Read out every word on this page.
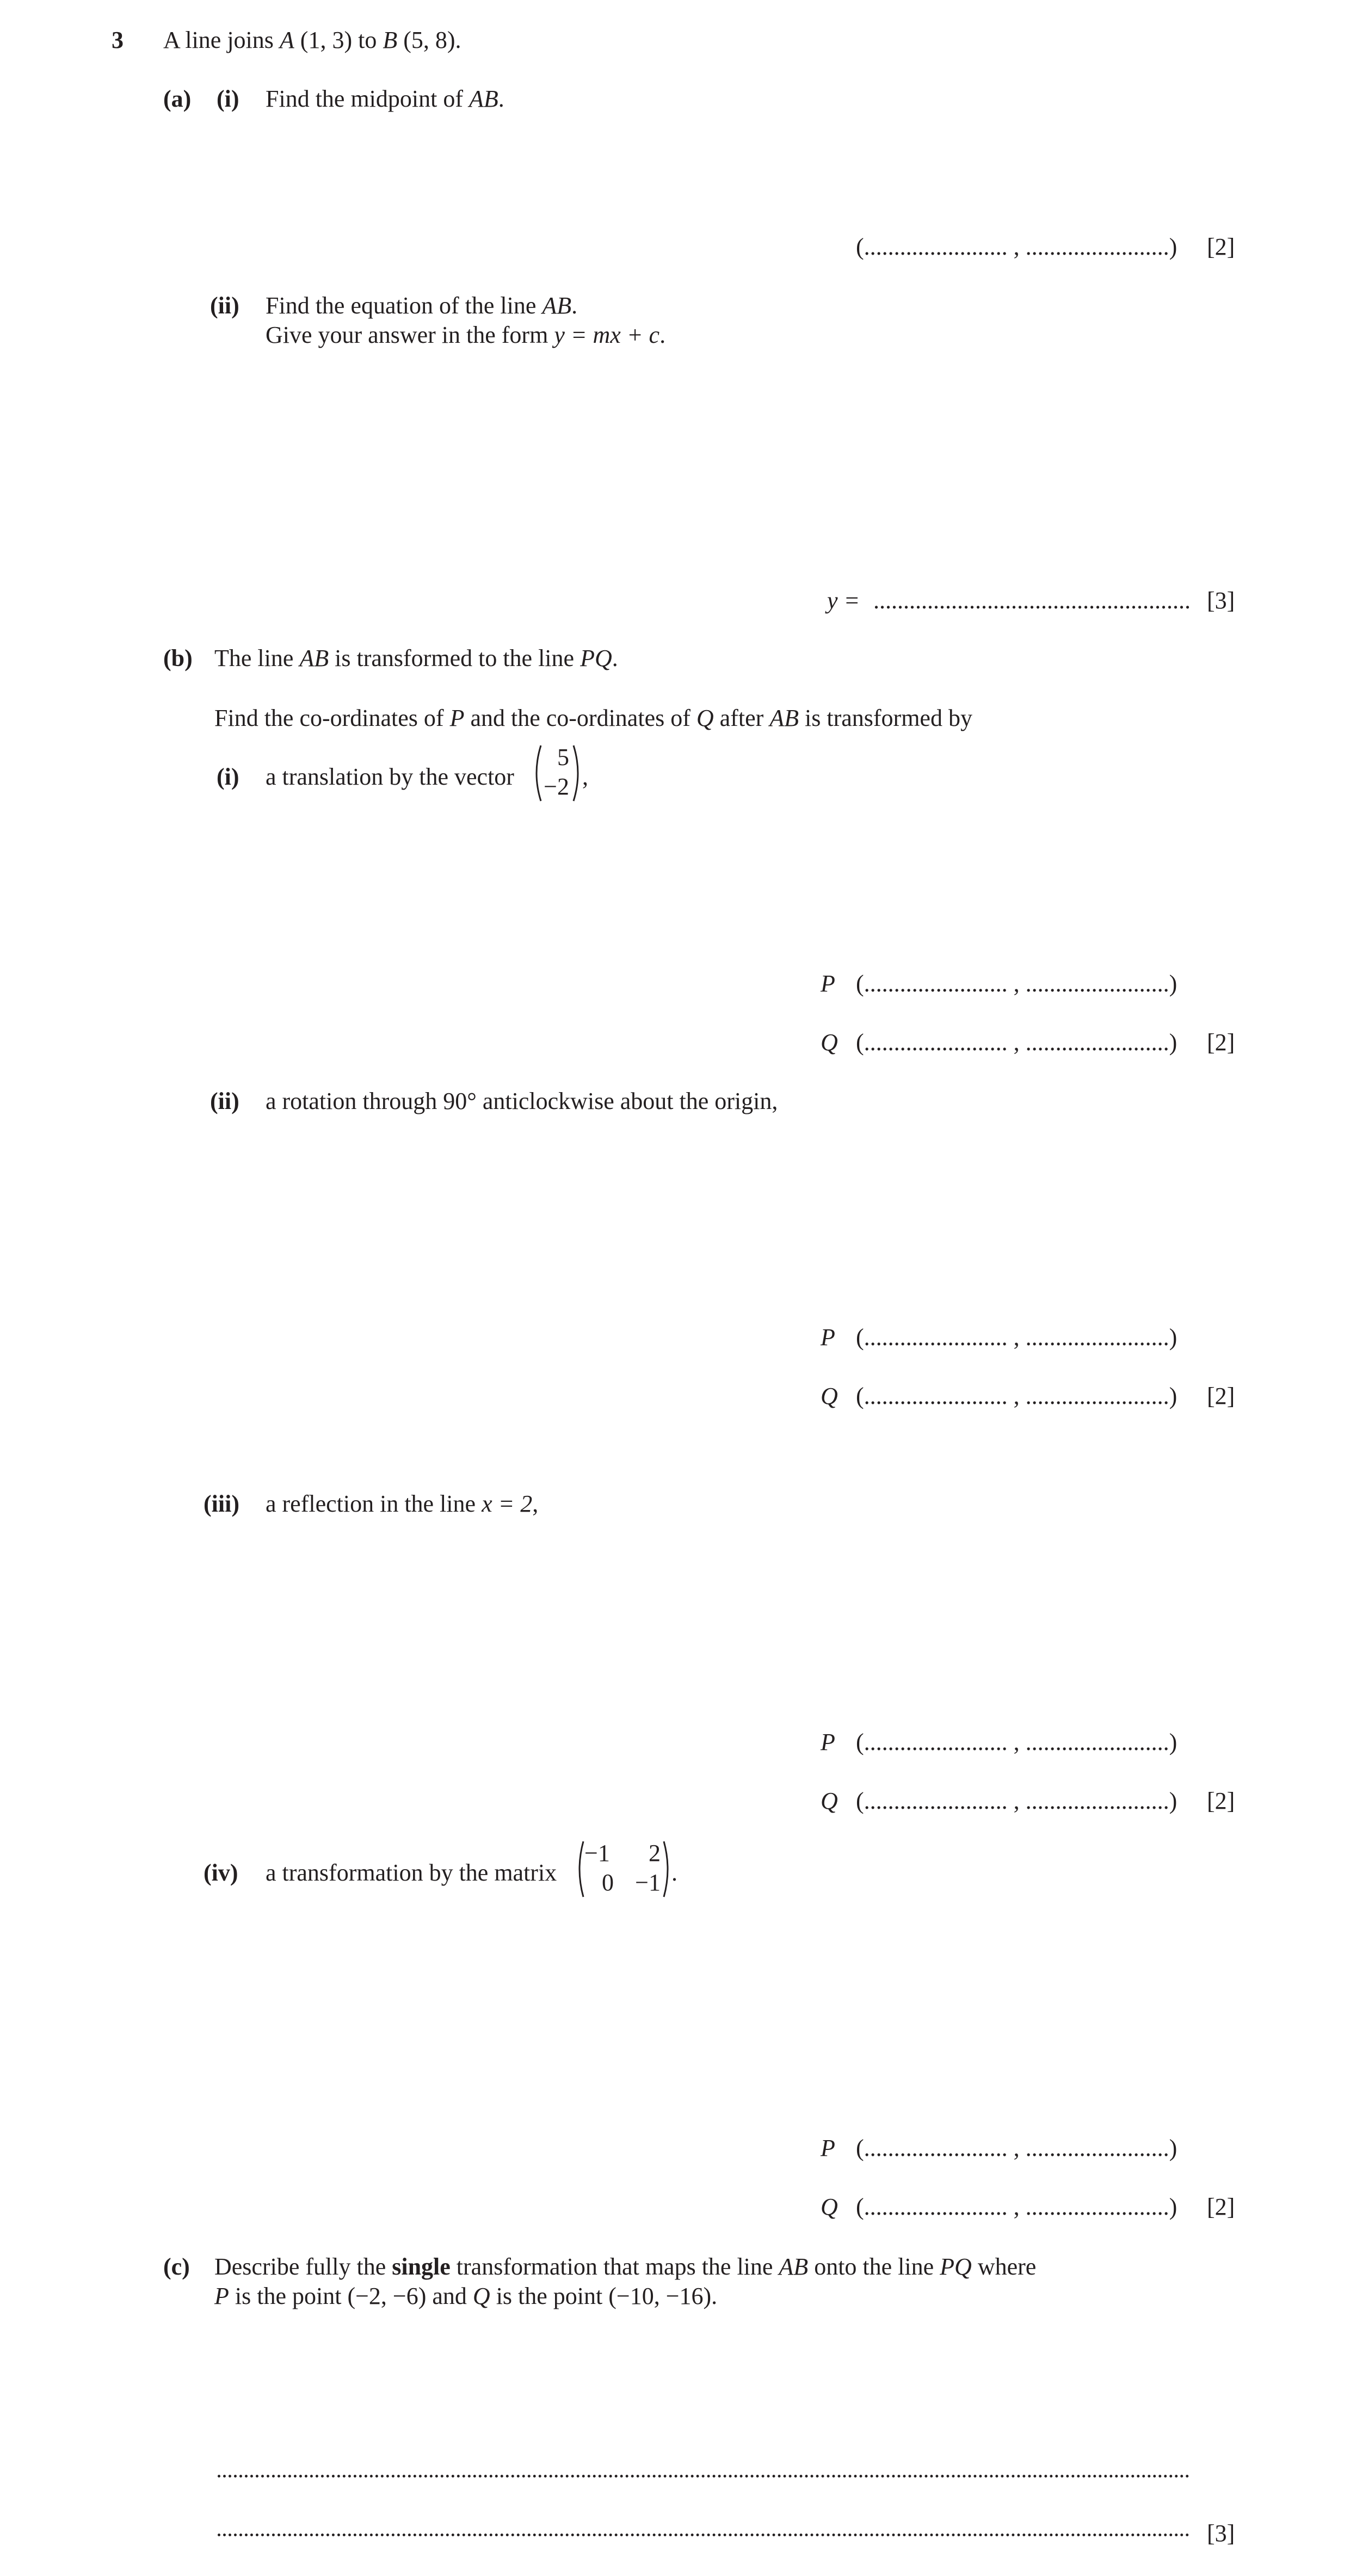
3 A line joins A (1, 3) to B (5, 8).
(a) (i) Find the midpoint of AB.
(........................ , ........................) [2]
(ii) Find the equation of the line AB.
Give your answer in the form y = mx + c.
y = ..................................................... [3]
(b) The line AB is transformed to the line PQ.
Find the co-ordinates of P and the co-ordinates of Q after AB is transformed by
(i) a translation by the vector
5
−2 ,
P (........................ , ........................)
Q (........................ , ........................) [2]
(ii) a rotation through 90° anticlockwise about the origin,
P (........................ , ........................)
Q (........................ , ........................) [2]
(iii) a reflection in the line x = 2,
P (........................ , ........................)
Q (........................ , ........................) [2]
(iv) a transformation by the matrix
−1 2
0 −1 .
P (........................ , ........................)
Q (........................ , ........................) [2]
(c) Describe fully the single transformation that maps the line AB onto the line PQ where
P is the point (−2, −6) and Q is the point (−10, −16).
[3]
